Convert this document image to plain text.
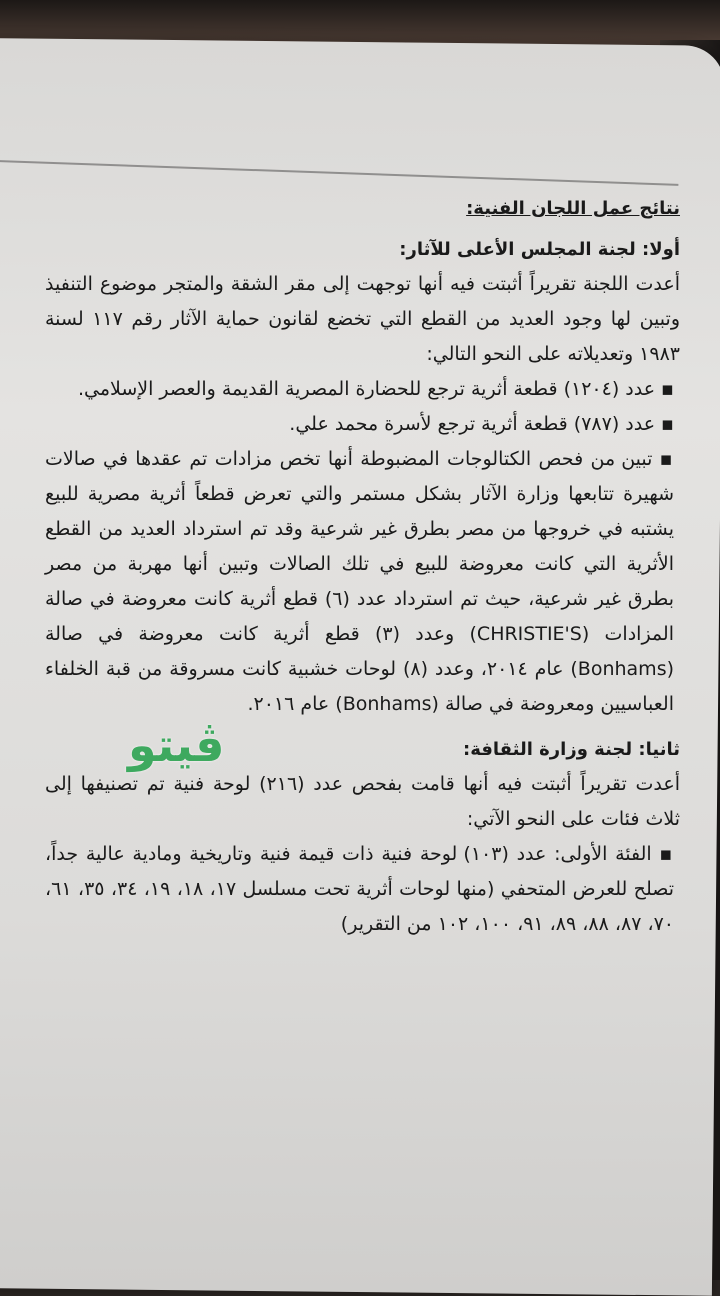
نتائج عمل اللجان الفنية:

أولا: لجنة المجلس الأعلى للآثار:

أعدت اللجنة تقريراً أثبتت فيه أنها توجهت إلى مقر الشقة والمتجر موضوع التنفيذ وتبين لها وجود العديد من القطع التي تخضع لقانون حماية الآثار رقم ١١٧ لسنة ١٩٨٣ وتعديلاته على النحو التالي:

▪ عدد (١٢٠٤) قطعة أثرية ترجع للحضارة المصرية القديمة والعصر الإسلامي.

▪ عدد (٧٨٧) قطعة أثرية ترجع لأسرة محمد علي.

▪ تبين من فحص الكتالوجات المضبوطة أنها تخص مزادات تم عقدها في صالات شهيرة تتابعها وزارة الآثار بشكل مستمر والتي تعرض قطعاً أثرية مصرية للبيع يشتبه في خروجها من مصر بطرق غير شرعية وقد تم استرداد العديد من القطع الأثرية التي كانت معروضة للبيع في تلك الصالات وتبين أنها مهربة من مصر بطرق غير شرعية، حيث تم استرداد عدد (٦) قطع أثرية كانت معروضة في صالة المزادات (CHRISTIE'S) وعدد (٣) قطع أثرية كانت معروضة في صالة (Bonhams) عام ٢٠١٤، وعدد (٨) لوحات خشبية كانت مسروقة من قبة الخلفاء العباسيين ومعروضة في صالة (Bonhams) عام ٢٠١٦.

ثانيا: لجنة وزارة الثقافة:

أعدت تقريراً أثبتت فيه أنها قامت بفحص عدد (٢١٦) لوحة فنية تم تصنيفها إلى ثلاث فئات على النحو الآتي:

▪ الفئة الأولى: عدد (١٠٣) لوحة فنية ذات قيمة فنية وتاريخية ومادية عالية جداً، تصلح للعرض المتحفي (منها لوحات أثرية تحت مسلسل ١٧، ١٨، ١٩، ٣٤، ٣٥، ٦١، ٧٠، ٨٧، ٨٨، ٨٩، ٩١، ١٠٠، ١٠٢ من التقرير)

ڤيتو
